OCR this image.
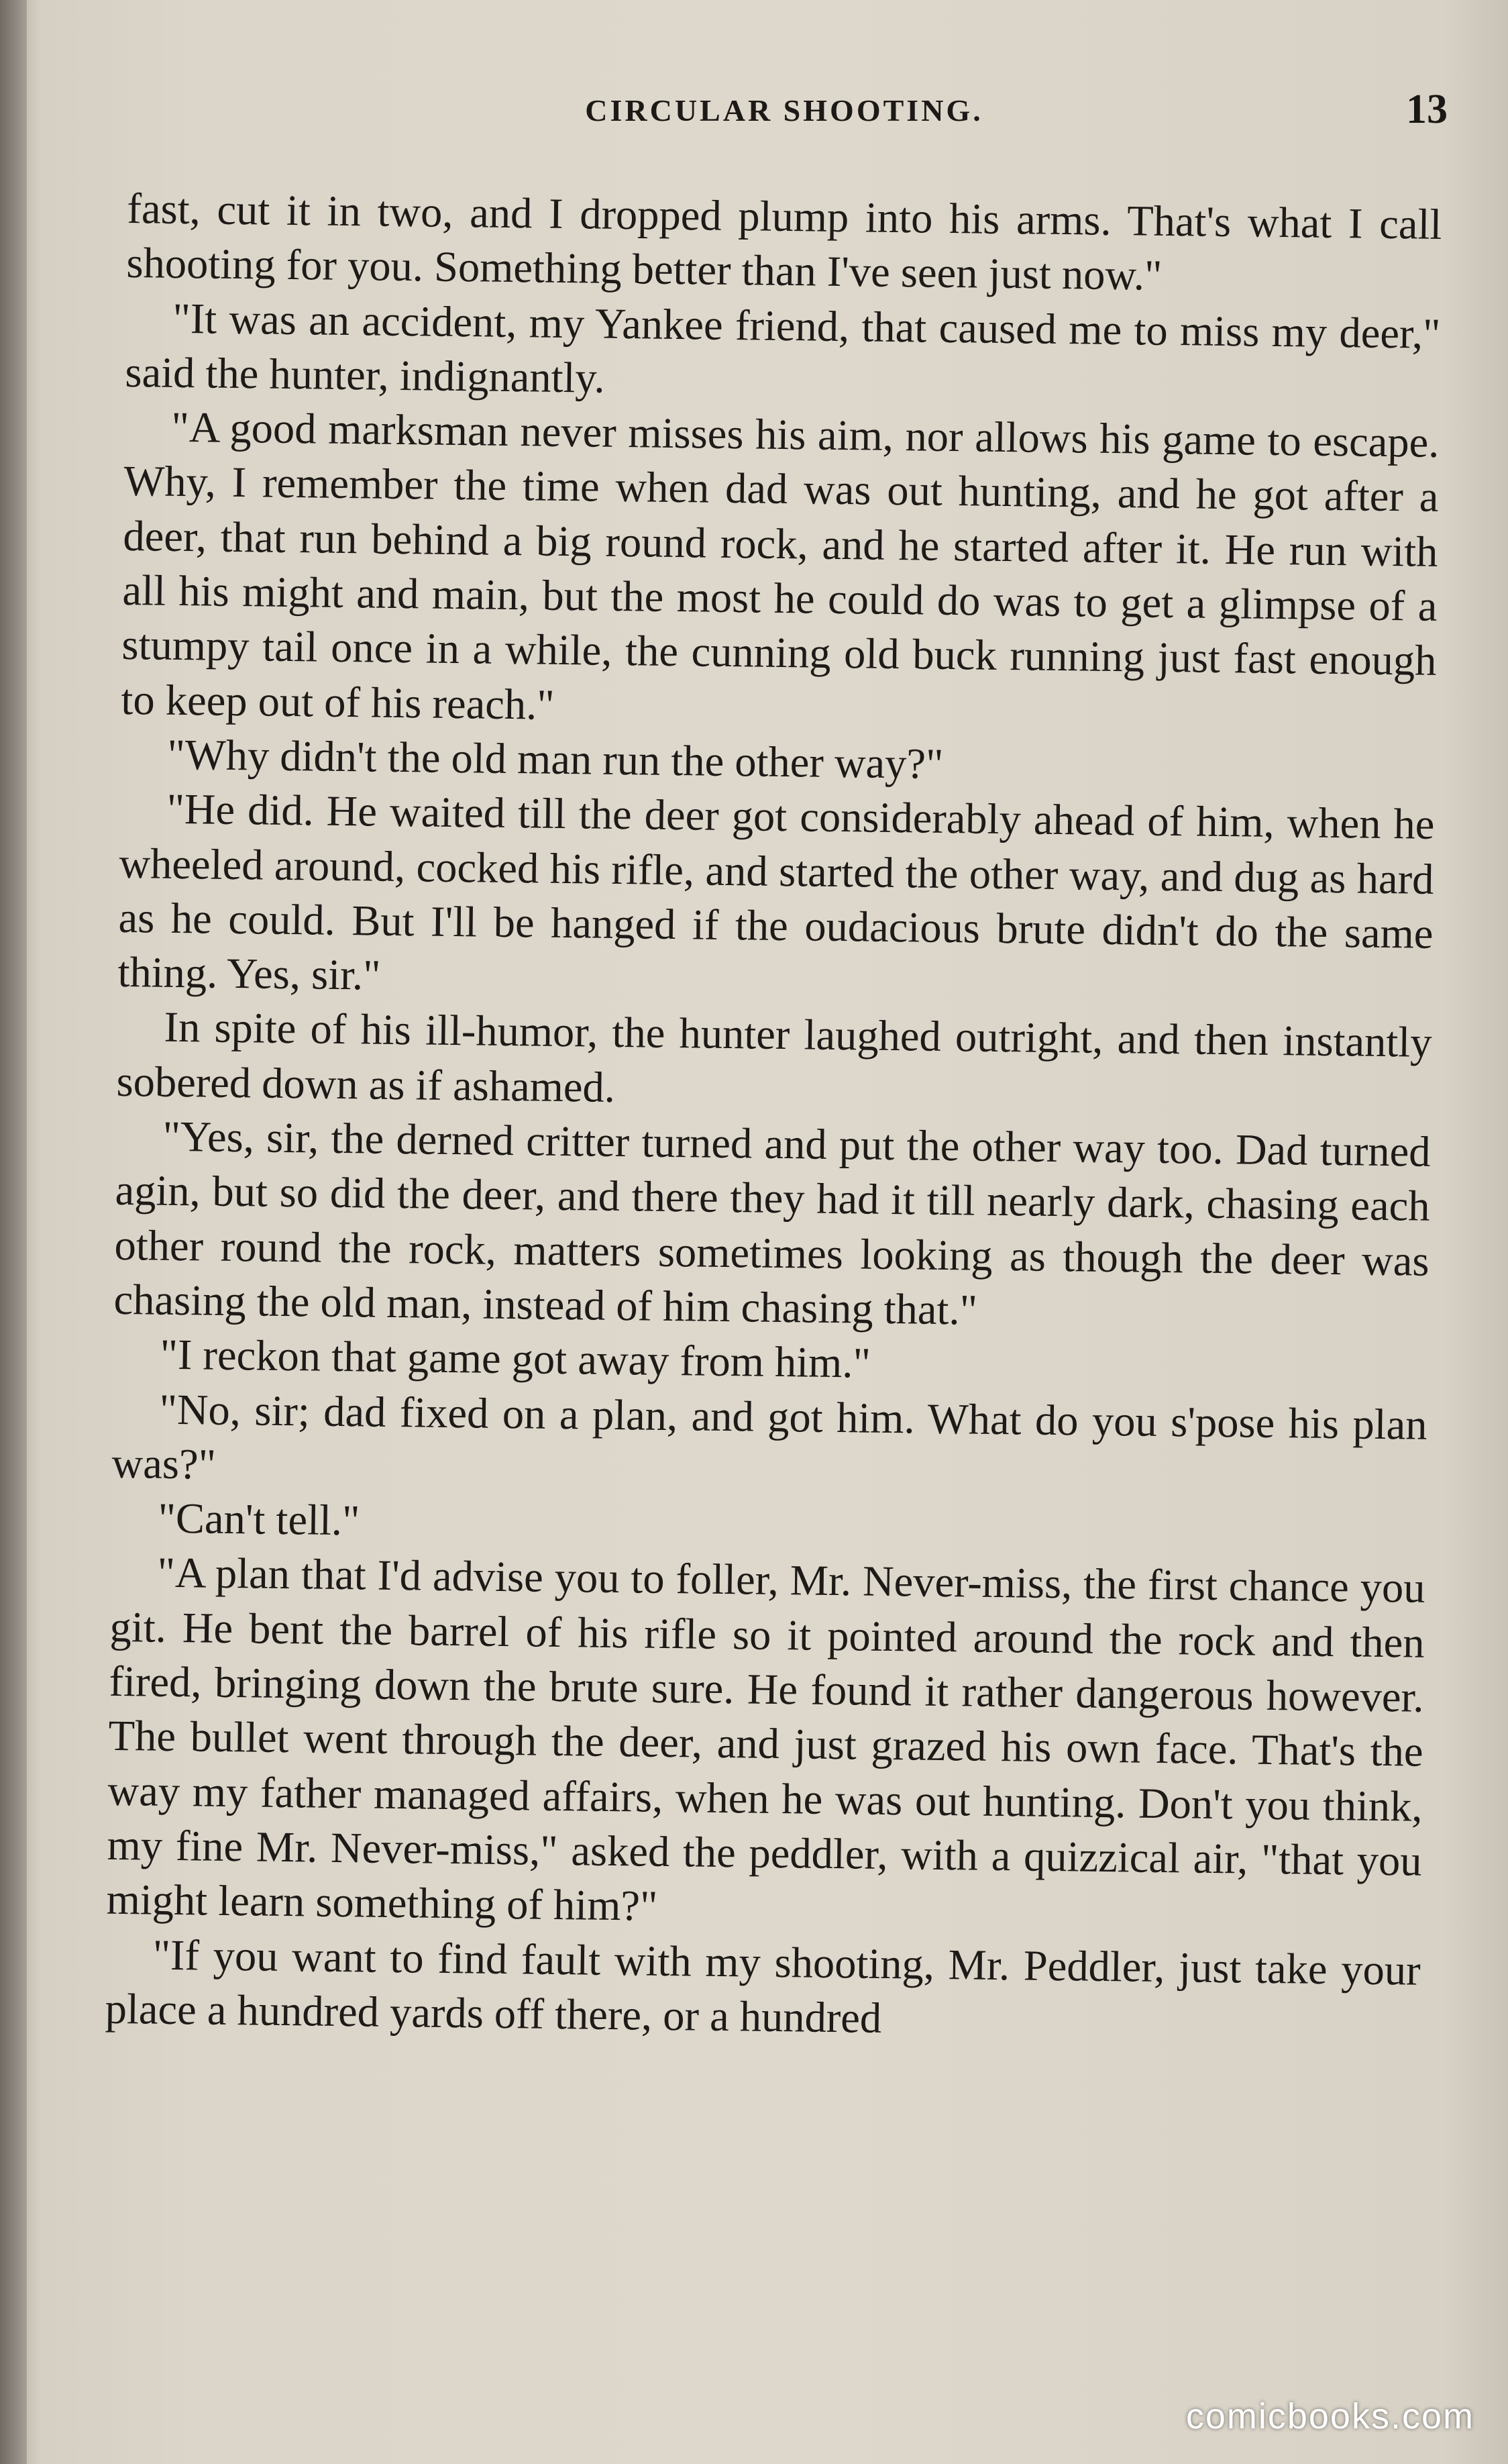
CIRCULAR SHOOTING.	13

fast, cut it in two, and I dropped plump into his arms. That's what I call shooting for you. Something better than I've seen just now."

"It was an accident, my Yankee friend, that caused me to miss my deer," said the hunter, indignantly.

"A good marksman never misses his aim, nor allows his game to escape. Why, I remember the time when dad was out hunting, and he got after a deer, that run behind a big round rock, and he started after it. He run with all his might and main, but the most he could do was to get a glimpse of a stumpy tail once in a while, the cunning old buck running just fast enough to keep out of his reach."

"Why didn't the old man run the other way?"

"He did. He waited till the deer got considerably ahead of him, when he wheeled around, cocked his rifle, and started the other way, and dug as hard as he could. But I'll be hanged if the oudacious brute didn't do the same thing. Yes, sir."

In spite of his ill-humor, the hunter laughed outright, and then instantly sobered down as if ashamed.

"Yes, sir, the derned critter turned and put the other way too. Dad turned agin, but so did the deer, and there they had it till nearly dark, chasing each other round the rock, matters sometimes looking as though the deer was chasing the old man, instead of him chasing that."

"I reckon that game got away from him."

"No, sir; dad fixed on a plan, and got him. What do you s'pose his plan was?"

"Can't tell."

"A plan that I'd advise you to foller, Mr. Never-miss, the first chance you git. He bent the barrel of his rifle so it pointed around the rock and then fired, bringing down the brute sure. He found it rather dangerous however. The bullet went through the deer, and just grazed his own face. That's the way my father managed affairs, when he was out hunting. Don't you think, my fine Mr. Never-miss," asked the peddler, with a quizzical air, "that you might learn something of him?"

"If you want to find fault with my shooting, Mr. Peddler, just take your place a hundred yards off there, or a hundred

comicbooks.com
